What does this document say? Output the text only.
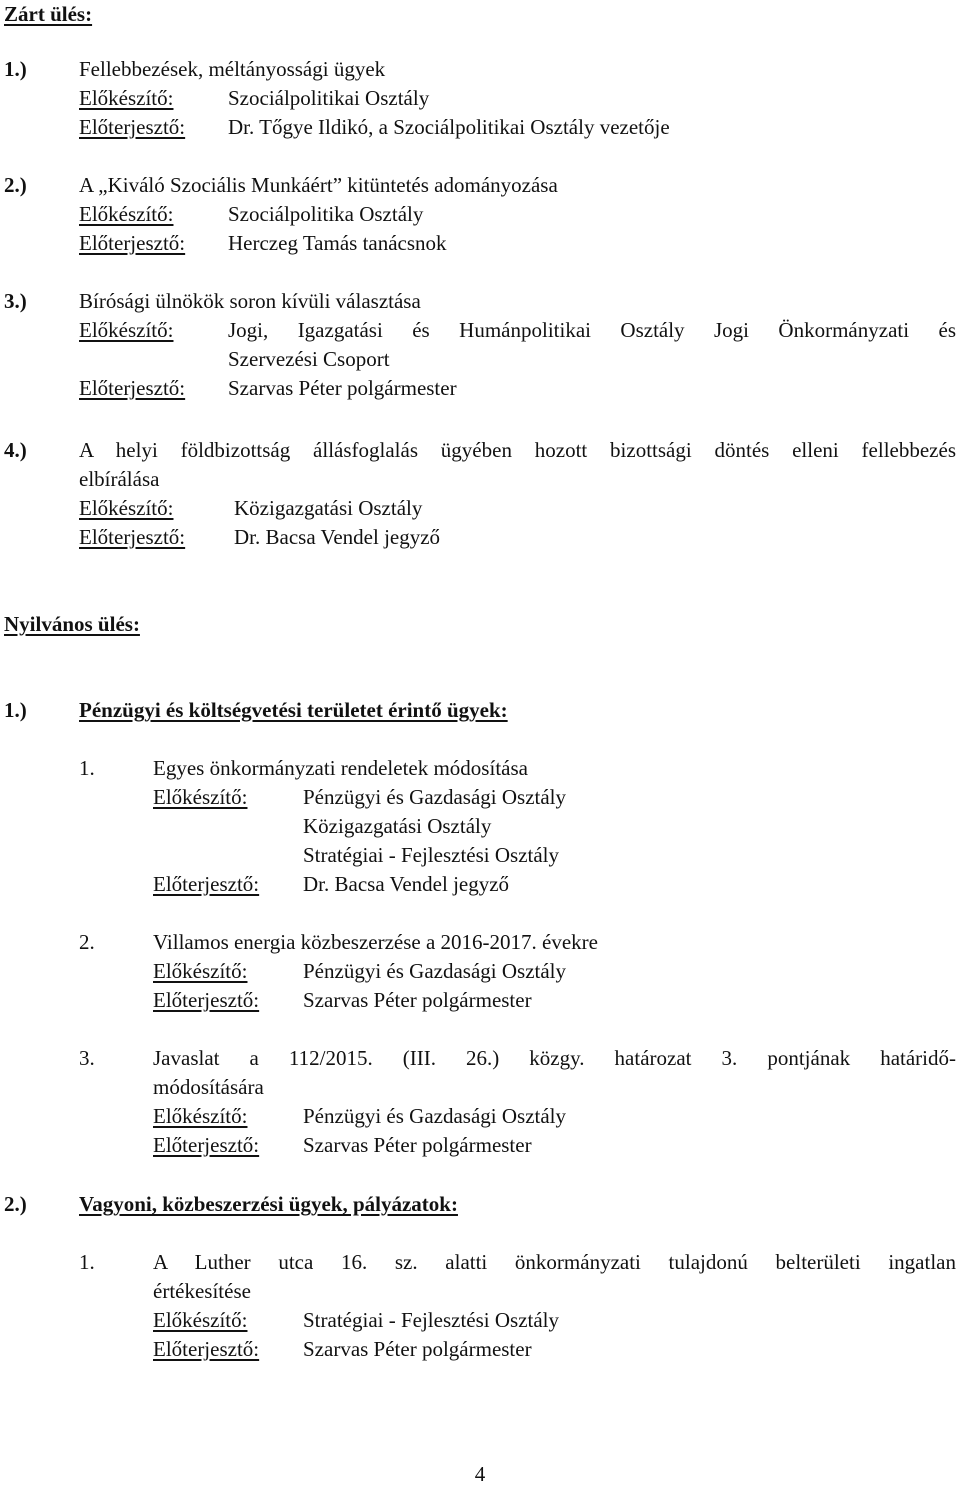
Zárt ülés:
1.) Fellebbezések, méltányossági ügyek
Előkészítő:	Szociálpolitikai Osztály
Előterjesztő: Dr. Tőgye Ildikó, a Szociálpolitikai Osztály vezetője
2.) A „Kiváló Szociális Munkáért” kitüntetés adományozása
Előkészítő:	Szociálpolitika Osztály
Előterjesztő: Herczeg Tamás tanácsnok
3.) Bírósági ülnökök soron kívüli választása
Előkészítő:	Jogi, Igazgatási és Humánpolitikai Osztály Jogi Önkormányzati és
Szervezési Csoport
Előterjesztő: Szarvas Péter polgármester
4.) A helyi földbizottság állásfoglalás ügyében hozott bizottsági döntés elleni fellebbezés
elbírálása
Előkészítő:	Közigazgatási Osztály
Előterjesztő: Dr. Bacsa Vendel jegyző
Nyilvános ülés:
1.) Pénzügyi és költségvetési területet érintő ügyek:
1.	Egyes önkormányzati rendeletek módosítása
Előkészítő:	Pénzügyi és Gazdasági Osztály
Közigazgatási Osztály
Stratégiai - Fejlesztési Osztály
Előterjesztő: Dr. Bacsa Vendel jegyző
2.	Villamos energia közbeszerzése a 2016-2017. évekre
Előkészítő:	Pénzügyi és Gazdasági Osztály
Előterjesztő: Szarvas Péter polgármester
3.	Javaslat a 112/2015. (III. 26.) közgy. határozat 3. pontjának határidő-
módosítására
Előkészítő:	Pénzügyi és Gazdasági Osztály
Előterjesztő: Szarvas Péter polgármester
2.) Vagyoni, közbeszerzési ügyek, pályázatok:
1.	A Luther utca 16. sz. alatti önkormányzati tulajdonú belterületi ingatlan
értékesítése
Előkészítő:	Stratégiai - Fejlesztési Osztály
Előterjesztő: Szarvas Péter polgármester
4
